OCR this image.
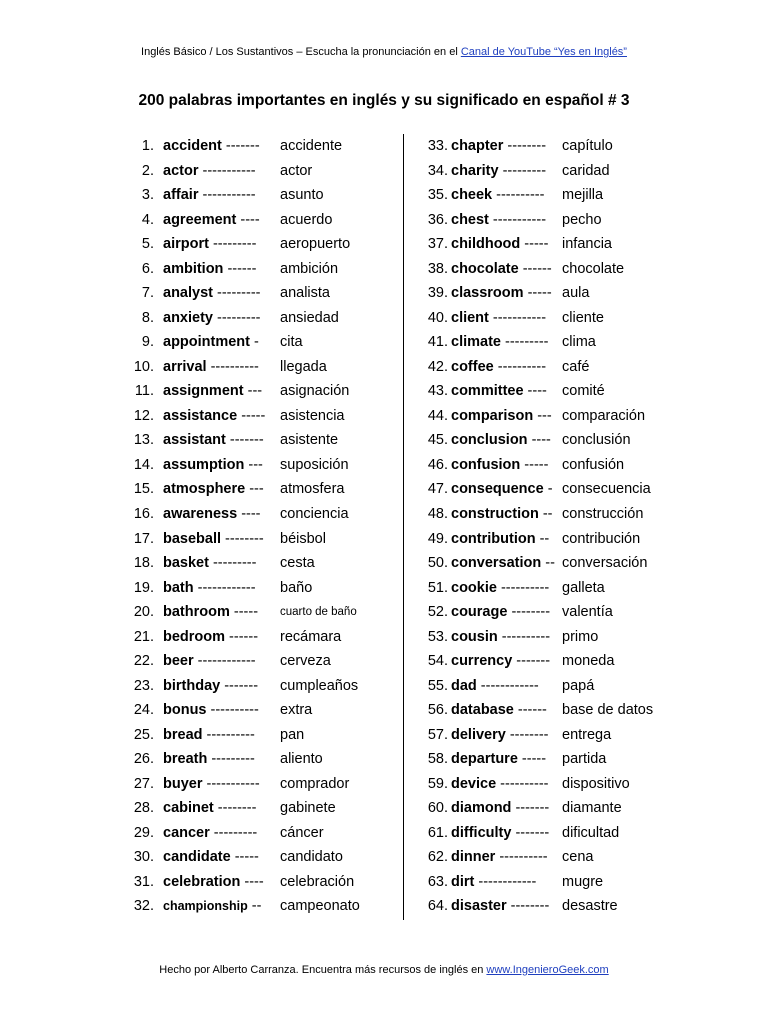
Inglés Básico / Los Sustantivos – Escucha la pronunciación en el Canal de YouTube “Yes en Inglés”
200 palabras importantes en inglés y su significado en español # 3
1. accident ------- accidente
2. actor ----------- actor
3. affair ----------- asunto
4. agreement ---- acuerdo
5. airport --------- aeropuerto
6. ambition ------ ambición
7. analyst --------- analista
8. anxiety --------- ansiedad
9. appointment - cita
10. arrival ---------- llegada
11. assignment --- asignación
12. assistance ----- asistencia
13. assistant ------- asistente
14. assumption --- suposición
15. atmosphere --- atmosfera
16. awareness ---- conciencia
17. baseball -------- béisbol
18. basket --------- cesta
19. bath ------------ baño
20. bathroom ----- cuarto de baño
21. bedroom ------ recámara
22. beer ------------ cerveza
23. birthday ------- cumpleaños
24. bonus ---------- extra
25. bread ---------- pan
26. breath --------- aliento
27. buyer ----------- comprador
28. cabinet -------- gabinete
29. cancer --------- cáncer
30. candidate ----- candidato
31. celebration ---- celebración
32. championship -- campeonato
33. chapter -------- capítulo
34. charity --------- caridad
35. cheek ---------- mejilla
36. chest ----------- pecho
37. childhood ----- infancia
38. chocolate ------ chocolate
39. classroom ----- aula
40. client ----------- cliente
41. climate --------- clima
42. coffee ---------- café
43. committee ---- comité
44. comparison --- comparación
45. conclusion ---- conclusión
46. confusion ----- confusión
47. consequence - consecuencia
48. construction -- construcción
49. contribution -- contribución
50. conversation -- conversación
51. cookie ---------- galleta
52. courage -------- valentía
53. cousin ---------- primo
54. currency ------- moneda
55. dad ------------ papá
56. database ------ base de datos
57. delivery -------- entrega
58. departure ----- partida
59. device ---------- dispositivo
60. diamond ------- diamante
61. difficulty ------- dificultad
62. dinner ---------- cena
63. dirt ------------ mugre
64. disaster -------- desastre
Hecho por Alberto Carranza. Encuentra más recursos de inglés en www.IngenieroGeek.com
